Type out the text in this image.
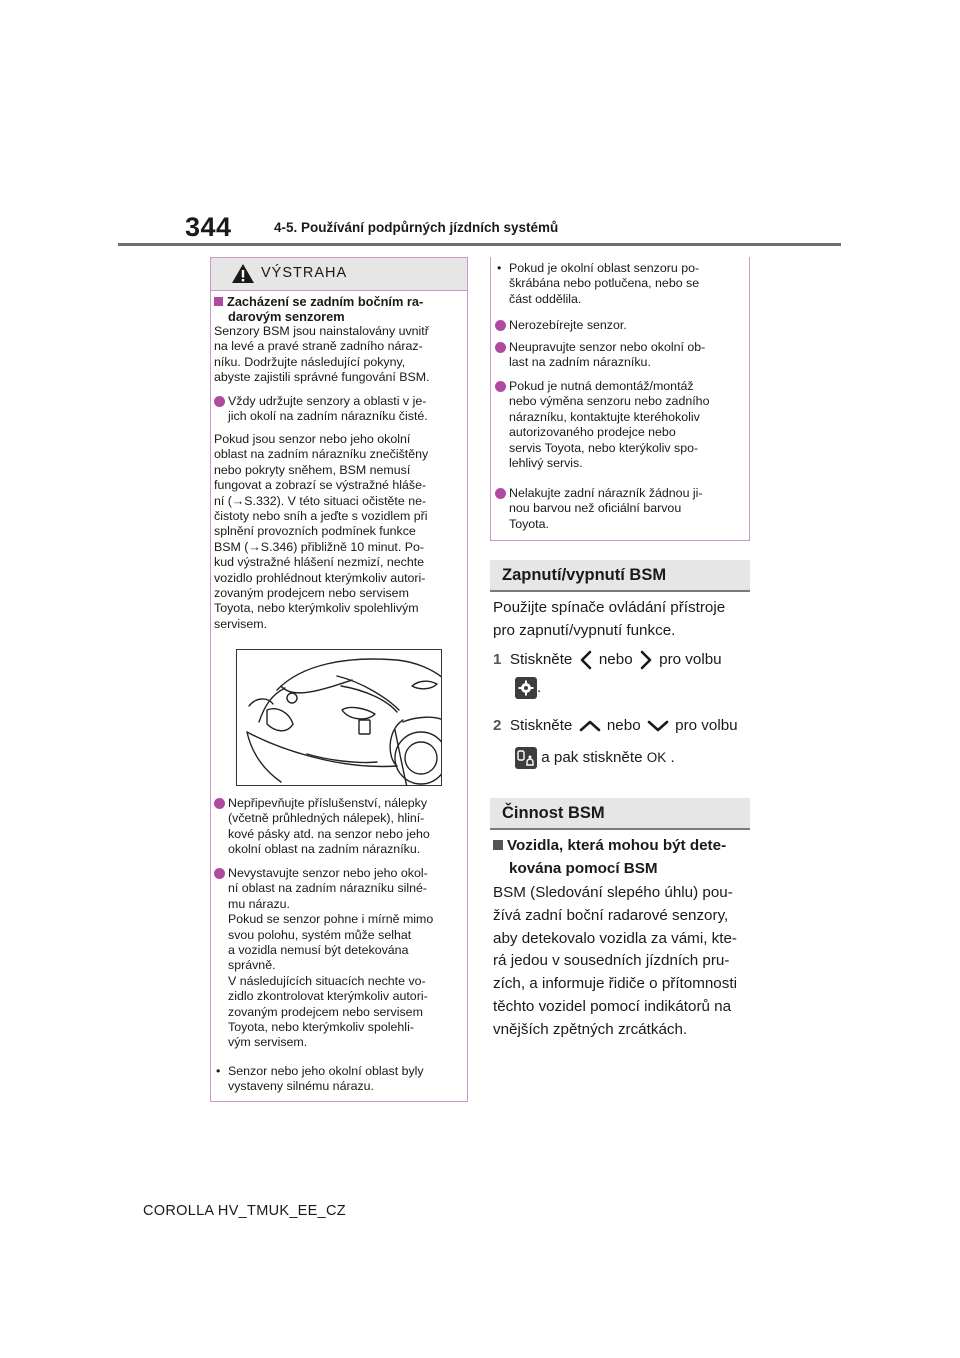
344	4-5. Používání podpůrných jízdních systémů
VÝSTRAHA
Zacházení se zadním bočním ra-
darovým senzorem
Senzory BSM jsou nainstalovány uvnitř
na levé a pravé straně zadního náraz-
níku. Dodržujte následující pokyny,
abyste zajistili správné fungování BSM.
Vždy udržujte senzory a oblasti v je-
jich okolí na zadním nárazníku čisté.
Pokud jsou senzor nebo jeho okolní
oblast na zadním nárazníku znečištěny
nebo pokryty sněhem, BSM nemusí
fungovat a zobrazí se výstražné hláše-
ní (→S.332). V této situaci očistěte ne-
čistoty nebo sníh a jeďte s vozidlem při
splnění provozních podmínek funkce
BSM (→S.346) přibližně 10 minut. Po-
kud výstražné hlášení nezmizí, nechte
vozidlo prohlédnout kterýmkoliv autori-
zovaným prodejcem nebo servisem
Toyota, nebo kterýmkoliv spolehlivým
servisem.
Nepřipevňujte příslušenství, nálepky
(včetně průhledných nálepek), hliní-
kové pásky atd. na senzor nebo jeho
okolní oblast na zadním nárazníku.
Nevystavujte senzor nebo jeho okol-
ní oblast na zadním nárazníku silné-
mu nárazu.
Pokud se senzor pohne i mírně mimo
svou polohu, systém může selhat
a vozidla nemusí být detekována
správně.
V následujících situacích nechte vo-
zidlo zkontrolovat kterýmkoliv autori-
zovaným prodejcem nebo servisem
Toyota, nebo kterýmkoliv spolehli-
vým servisem.
• Senzor nebo jeho okolní oblast byly
vystaveny silnému nárazu.
• Pokud je okolní oblast senzoru po-
škrábána nebo potlučena, nebo se
část oddělila.
Nerozebírejte senzor.
Neupravujte senzor nebo okolní ob-
last na zadním nárazníku.
Pokud je nutná demontáž/montáž
nebo výměna senzoru nebo zadního
nárazníku, kontaktujte kteréhokoliv
autorizovaného prodejce nebo
servis Toyota, nebo kterýkoliv spo-
lehlivý servis.
Nelakujte zadní nárazník žádnou ji-
nou barvou než oficiální barvou
Toyota.
Zapnutí/vypnutí BSM
Použijte spínače ovládání přístroje
pro zapnutí/vypnutí funkce.
1 Stiskněte nebo pro volbu
.
2 Stiskněte nebo pro volbu
a pak stiskněte OK .
Činnost BSM
Vozidla, která mohou být dete-
kována pomocí BSM
BSM (Sledování slepého úhlu) pou-
žívá zadní boční radarové senzory,
aby detekovalo vozidla za vámi, kte-
rá jedou v sousedních jízdních pru-
zích, a informuje řidiče o přítomnosti
těchto vozidel pomocí indikátorů na
vnějších zpětných zrcátkách.
COROLLA HV_TMUK_EE_CZ
